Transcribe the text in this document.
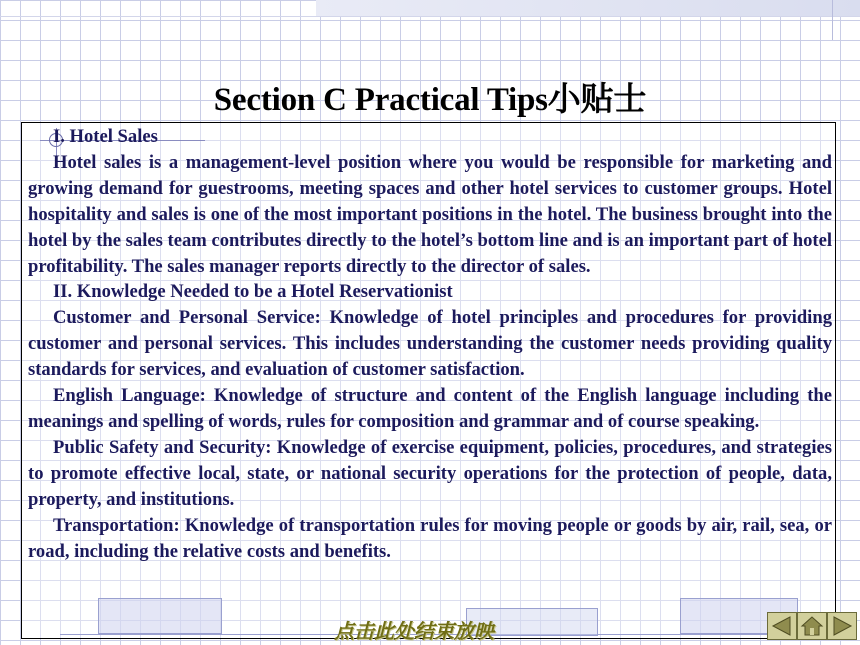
Section C Practical Tips小贴士

I. Hotel Sales

Hotel sales is a management-level position where you would be responsible for marketing and growing demand for guestrooms, meeting spaces and other hotel services to customer groups. Hotel hospitality and sales is one of the most important positions in the hotel. The business brought into the hotel by the sales team contributes directly to the hotel’s bottom line and is an important part of hotel profitability. The sales manager reports directly to the director of sales.

II. Knowledge Needed to be a Hotel Reservationist

Customer and Personal Service: Knowledge of hotel principles and procedures for providing customer and personal services. This includes understanding the customer needs providing quality standards for services, and evaluation of customer satisfaction.

English Language: Knowledge of structure and content of the English language including the meanings and spelling of words, rules for composition and grammar and of course speaking.

Public Safety and Security: Knowledge of exercise equipment, policies, procedures, and strategies to promote effective local, state, or national security operations for the protection of people, data, property, and institutions.

Transportation: Knowledge of transportation rules for moving people or goods by air, rail, sea, or road, including the relative costs and benefits.

点击此处结束放映
